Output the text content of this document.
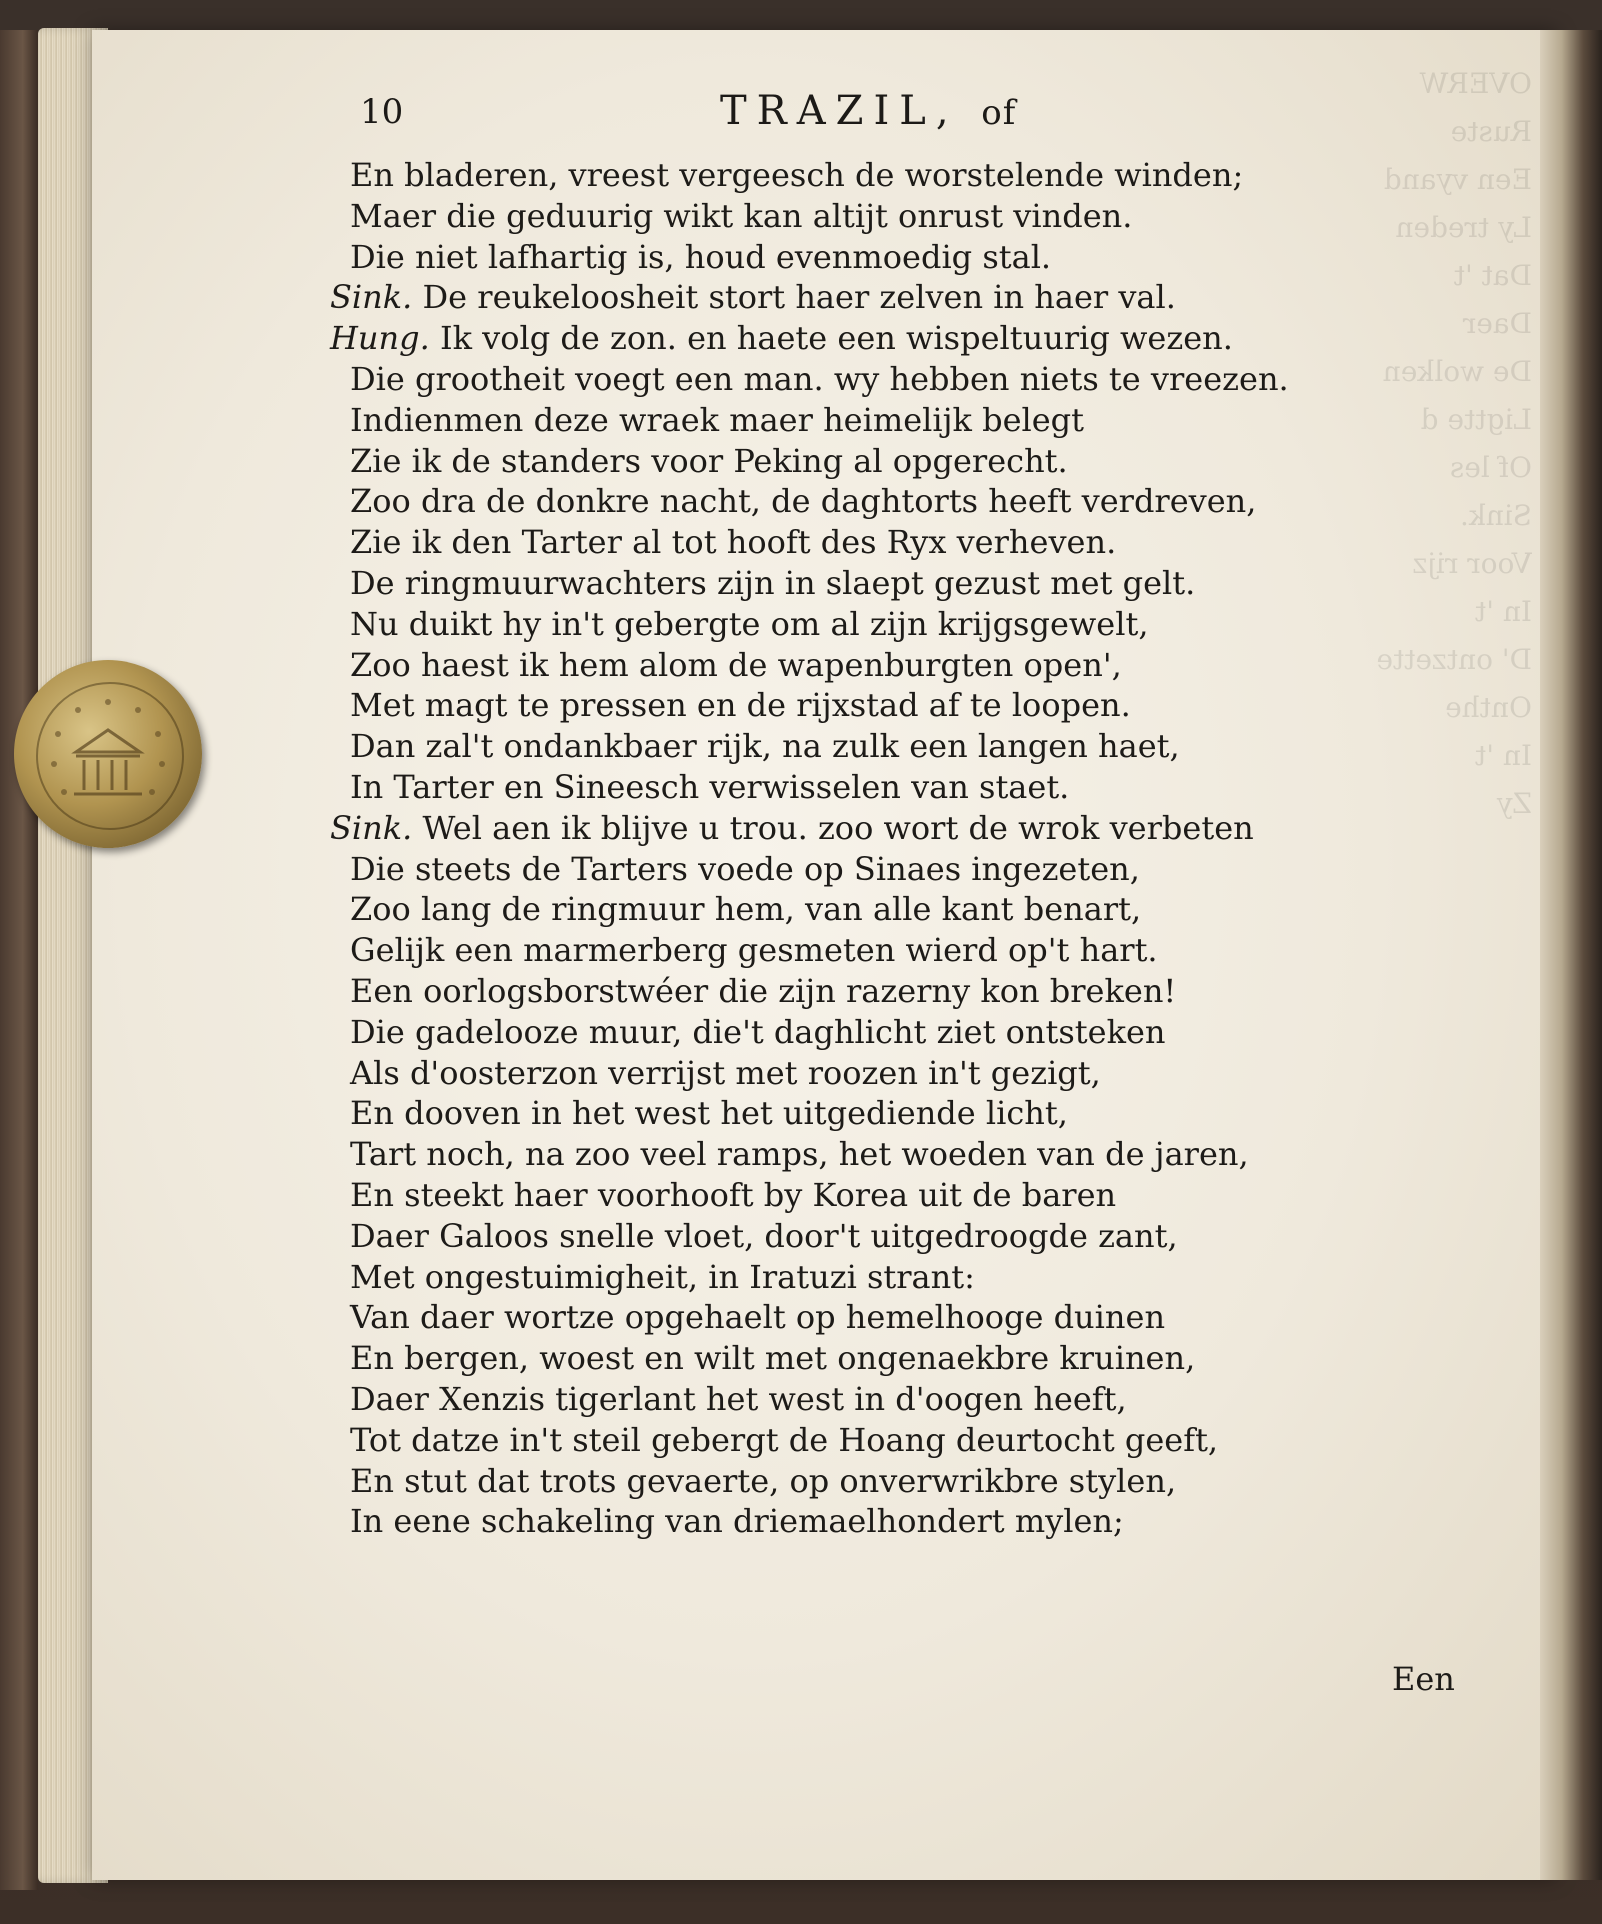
10	TRAZIL, of
En bladeren, vreest vergeesch de worstelende winden;
Maer die geduurig wikt kan altijt onrust vinden.
Die niet lafhartig is, houd evenmoedig stal.
Sink. De reukeloosheit stort haer zelven in haer val.
Hung. Ik volg de zon. en haete een wispeltuurig wezen.
Die grootheit voegt een man. wy hebben niets te vreezen.
Indienmen deze wraek maer heimelijk belegt
Zie ik de standers voor Peking al opgerecht.
Zoo dra de donkre nacht, de daghtorts heeft verdreven,
Zie ik den Tarter al tot hooft des Ryx verheven.
De ringmuurwachters zijn in slaept gezust met gelt.
Nu duikt hy in't gebergte om al zijn krijgsgewelt,
Zoo haest ik hem alom de wapenburgten open',
Met magt te pressen en de rijxstad af te loopen.
Dan zal't ondankbaer rijk, na zulk een langen haet,
In Tarter en Sineesch verwisselen van staet.
Sink. Wel aen ik blijve u trou. zoo wort de wrok verbeten
Die steets de Tarters voede op Sinaes ingezeten,
Zoo lang de ringmuur hem, van alle kant benart,
Gelijk een marmerberg gesmeten wierd op't hart.
Een oorlogsborstwéer die zijn razerny kon breken!
Die gadelooze muur, die't daghlicht ziet ontsteken
Als d'oosterzon verrijst met roozen in't gezigt,
En dooven in het west het uitgediende licht,
Tart noch, na zoo veel ramps, het woeden van de jaren,
En steekt haer voorhooft by Korea uit de baren
Daer Galoos snelle vloet, door't uitgedroogde zant,
Met ongestuimigheit, in Iratuzi strant:
Van daer wortze opgehaelt op hemelhooge duinen
En bergen, woest en wilt met ongenaekbre kruinen,
Daer Xenzis tigerlant het west in d'oogen heeft,
Tot datze in't steil gebergt de Hoang deurtocht geeft,
En stut dat trots gevaerte, op onverwrikbre stylen,
In eene schakeling van driemaelhondert mylen;
Een
